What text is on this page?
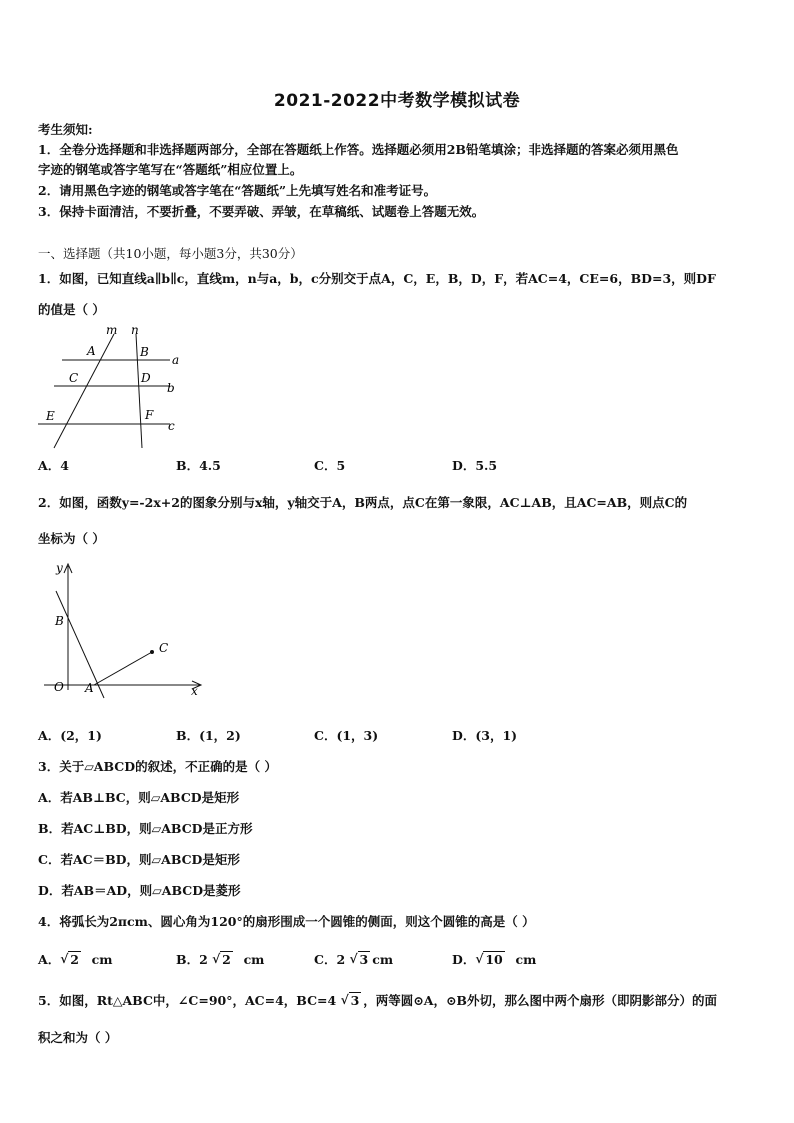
2021-2022中考数学模拟试卷
考生须知:
1．全卷分选择题和非选择题两部分，全部在答题纸上作答。选择题必须用2B铅笔填涂；非选择题的答案必须用黑色
字迹的钢笔或答字笔写在“答题纸”相应位置上。
2．请用黑色字迹的钢笔或答字笔在“答题纸”上先填写姓名和准考证号。
3．保持卡面清洁，不要折叠，不要弄破、弄皱，在草稿纸、试题卷上答题无效。
一、选择题（共10小题，每小题3分，共30分）
1．如图，已知直线a∥b∥c，直线m，n与a，b，c分别交于点A，C，E，B，D，F，若AC=4，CE=6，BD=3，则DF
的值是（ ）
m n
A	B
a
C	D
b
E	F
c
A．4	B．4.5	C．5	D．5.5
2．如图，函数y=-2x+2的图象分别与x轴，y轴交于A，B两点，点C在第一象限，AC⊥AB，且AC=AB，则点C的
坐标为（ ）
y
x
O A
B
C
A．(2，1)	B．(1，2)	C．(1，3)	D．(3，1)
3．关于▱ABCD的叙述，不正确的是（ ）
A．若AB⊥BC，则▱ABCD是矩形
B．若AC⊥BD，则▱ABCD是正方形
C．若AC＝BD，则▱ABCD是矩形
D．若AB＝AD，则▱ABCD是菱形
4．将弧长为2πcm、圆心角为120°的扇形围成一个圆锥的侧面，则这个圆锥的高是（ ）
A． √ 2 cm	B．2 √ 2 cm	C．2 √ 3 cm	D． √ 10 cm
5．如图，Rt△ABC中，∠C=90°，AC=4，BC=4 √ 3 ，两等圆⊙A，⊙B外切，那么图中两个扇形（即阴影部分）的面
积之和为（ ）
